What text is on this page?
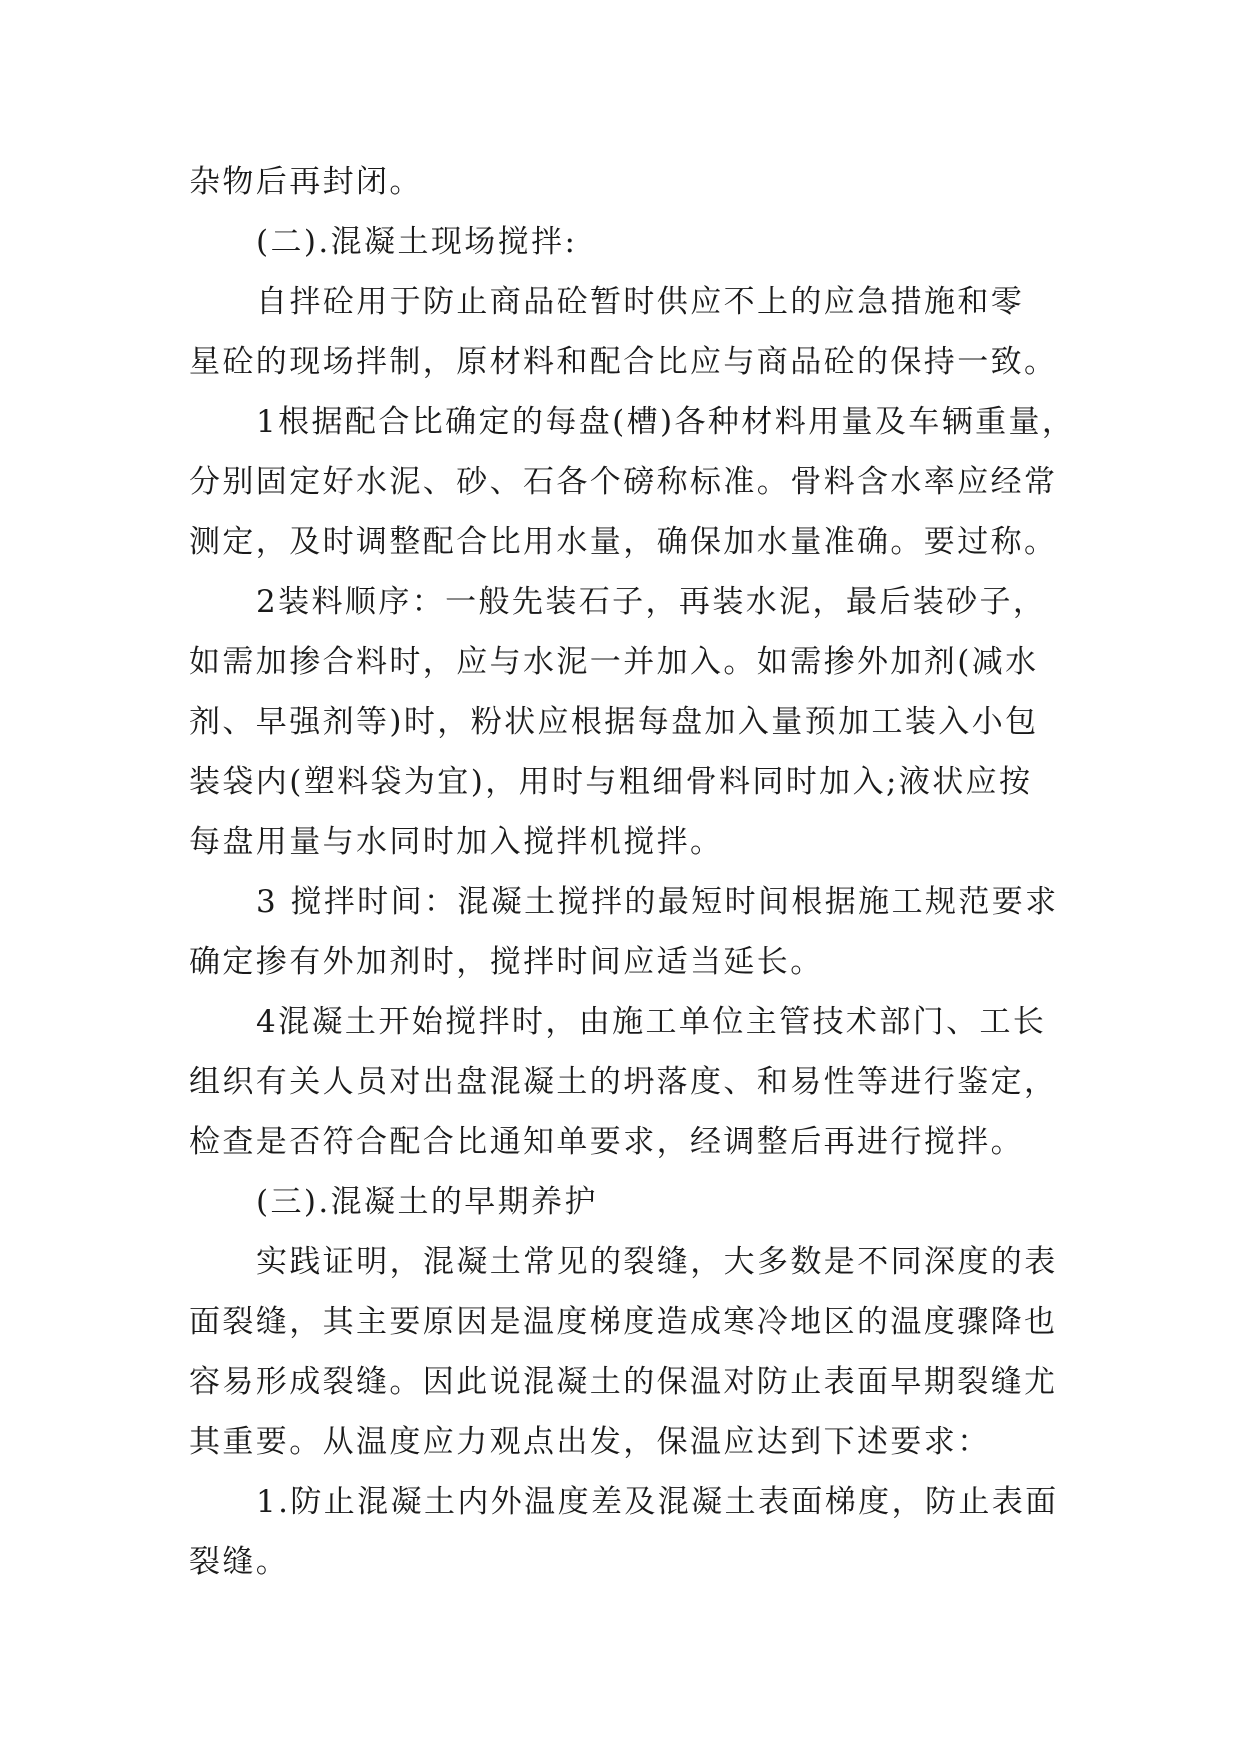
杂物后再封闭。
(二).混凝土现场搅拌:
自拌砼用于防止商品砼暂时供应不上的应急措施和零
星砼的现场拌制，原材料和配合比应与商品砼的保持一致。
1根据配合比确定的每盘(槽)各种材料用量及车辆重量，
分别固定好水泥、砂、石各个磅称标准。骨料含水率应经常
测定，及时调整配合比用水量，确保加水量准确。要过称。
2装料顺序：一般先装石子，再装水泥，最后装砂子，
如需加掺合料时，应与水泥一并加入。如需掺外加剂(减水
剂、早强剂等)时，粉状应根据每盘加入量预加工装入小包
装袋内(塑料袋为宜)，用时与粗细骨料同时加入;液状应按
每盘用量与水同时加入搅拌机搅拌。
3 搅拌时间：混凝土搅拌的最短时间根据施工规范要求
确定掺有外加剂时，搅拌时间应适当延长。
4混凝土开始搅拌时，由施工单位主管技术部门、工长
组织有关人员对出盘混凝土的坍落度、和易性等进行鉴定，
检查是否符合配合比通知单要求，经调整后再进行搅拌。
(三).混凝土的早期养护
实践证明，混凝土常见的裂缝，大多数是不同深度的表
面裂缝，其主要原因是温度梯度造成寒冷地区的温度骤降也
容易形成裂缝。因此说混凝土的保温对防止表面早期裂缝尤
其重要。从温度应力观点出发，保温应达到下述要求：
1.防止混凝土内外温度差及混凝土表面梯度，防止表面
裂缝。
